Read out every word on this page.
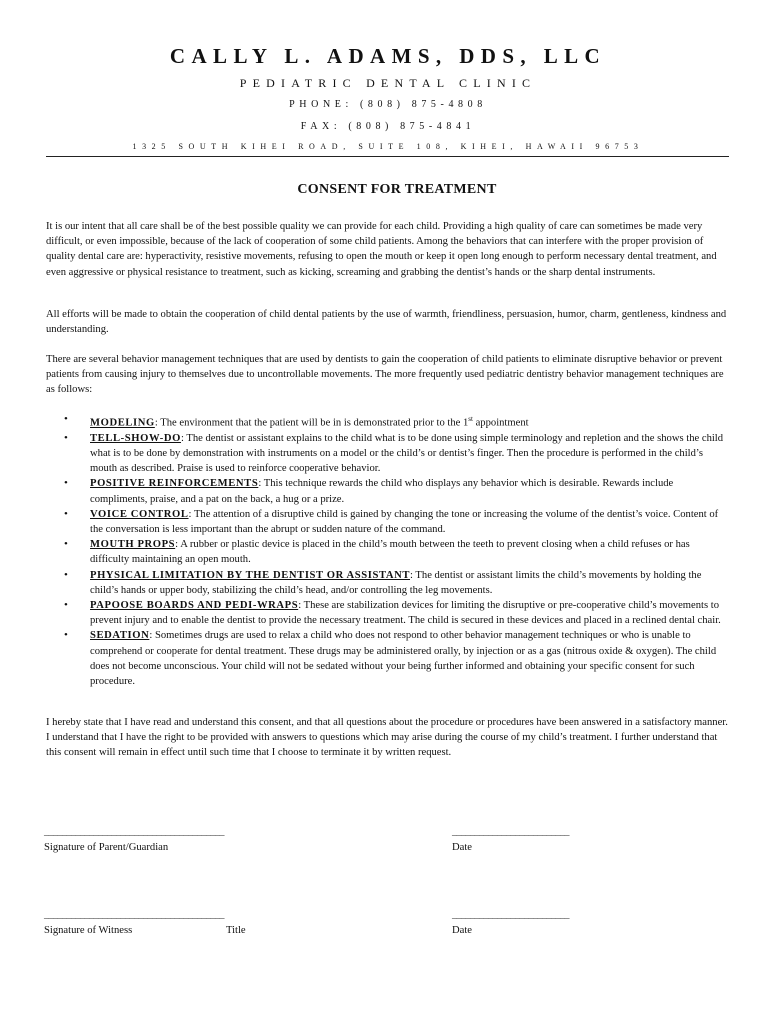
CALLY L. ADAMS, DDS, LLC
PEDIATRIC DENTAL CLINIC
PHONE: (808) 875-4808
FAX: (808) 875-4841
1325 SOUTH KIHEI ROAD, SUITE 108, KIHEI, HAWAII 96753
CONSENT FOR TREATMENT

It is our intent that all care shall be of the best possible quality we can provide for each child. Providing a high quality of care can sometimes be made very difficult, or even impossible, because of the lack of cooperation of some child patients. Among the behaviors that can interfere with the proper provision of quality dental care are: hyperactivity, resistive movements, refusing to open the mouth or keep it open long enough to perform necessary dental treatment, and even aggressive or physical resistance to treatment, such as kicking, screaming and grabbing the dentist’s hands or the sharp dental instruments.

All efforts will be made to obtain the cooperation of child dental patients by the use of warmth, friendliness, persuasion, humor, charm, gentleness, kindness and understanding.

There are several behavior management techniques that are used by dentists to gain the cooperation of child patients to eliminate disruptive behavior or prevent patients from causing injury to themselves due to uncontrollable movements. The more frequently used pediatric dentistry behavior management techniques are as follows:

• MODELING: The environment that the patient will be in is demonstrated prior to the 1st appointment
• TELL-SHOW-DO: The dentist or assistant explains to the child what is to be done using simple terminology and repletion and the shows the child what is to be done by demonstration with instruments on a model or the child’s or dentist’s finger. Then the procedure is performed in the child’s mouth as described. Praise is used to reinforce cooperative behavior.
• POSITIVE REINFORCEMENTS: This technique rewards the child who displays any behavior which is desirable. Rewards include compliments, praise, and a pat on the back, a hug or a prize.
• VOICE CONTROL: The attention of a disruptive child is gained by changing the tone or increasing the volume of the dentist’s voice. Content of the conversation is less important than the abrupt or sudden nature of the command.
• MOUTH PROPS: A rubber or plastic device is placed in the child’s mouth between the teeth to prevent closing when a child refuses or has difficulty maintaining an open mouth.
• PHYSICAL LIMITATION BY THE DENTIST OR ASSISTANT: The dentist or assistant limits the child’s movements by holding the child’s hands or upper body, stabilizing the child’s head, and/or controlling the leg movements.
• PAPOOSE BOARDS AND PEDI-WRAPS: These are stabilization devices for limiting the disruptive or pre-cooperative child’s movements to prevent injury and to enable the dentist to provide the necessary treatment. The child is secured in these devices and placed in a reclined dental chair.
• SEDATION: Sometimes drugs are used to relax a child who does not respond to other behavior management techniques or who is unable to comprehend or cooperate for dental treatment. These drugs may be administered orally, by injection or as a gas (nitrous oxide & oxygen). The child does not become unconscious. Your child will not be sedated without your being further informed and obtaining your specific consent for such procedure.

I hereby state that I have read and understand this consent, and that all questions about the procedure or procedures have been answered in a satisfactory manner. I understand that I have the right to be provided with answers to questions which may arise during the course of my child’s treatment. I further understand that this consent will remain in effect until such time that I choose to terminate it by written request.

________________________________________	__________________________
Signature of Parent/Guardian	Date
________________________________________	__________________________
Signature of Witness	Title	Date
